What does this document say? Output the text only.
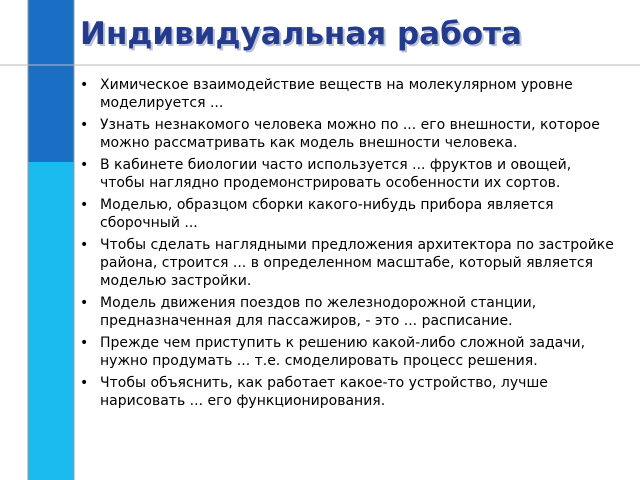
Индивидуальная работа
• Химическое взаимодействие веществ на молекулярном уровне моделируется ...
• Узнать незнакомого человека можно по ... его внешности, которое можно рассматривать как модель внешности человека.
• В кабинете биологии часто используется ... фруктов и овощей, чтобы наглядно продемонстрировать особенности их сортов.
• Моделью, образцом сборки какого-нибудь прибора является сборочный ...
• Чтобы сделать наглядными предложения архитектора по застройке района, строится ... в определенном масштабе, который является моделью застройки.
• Модель движения поездов по железнодорожной станции, предназначенная для пассажиров, - это ... расписание.
• Прежде чем приступить к решению какой-либо сложной задачи, нужно продумать ... т.е. смоделировать процесс решения.
• Чтобы объяснить, как работает какое-то устройство, лучше нарисовать ... его функционирования.
